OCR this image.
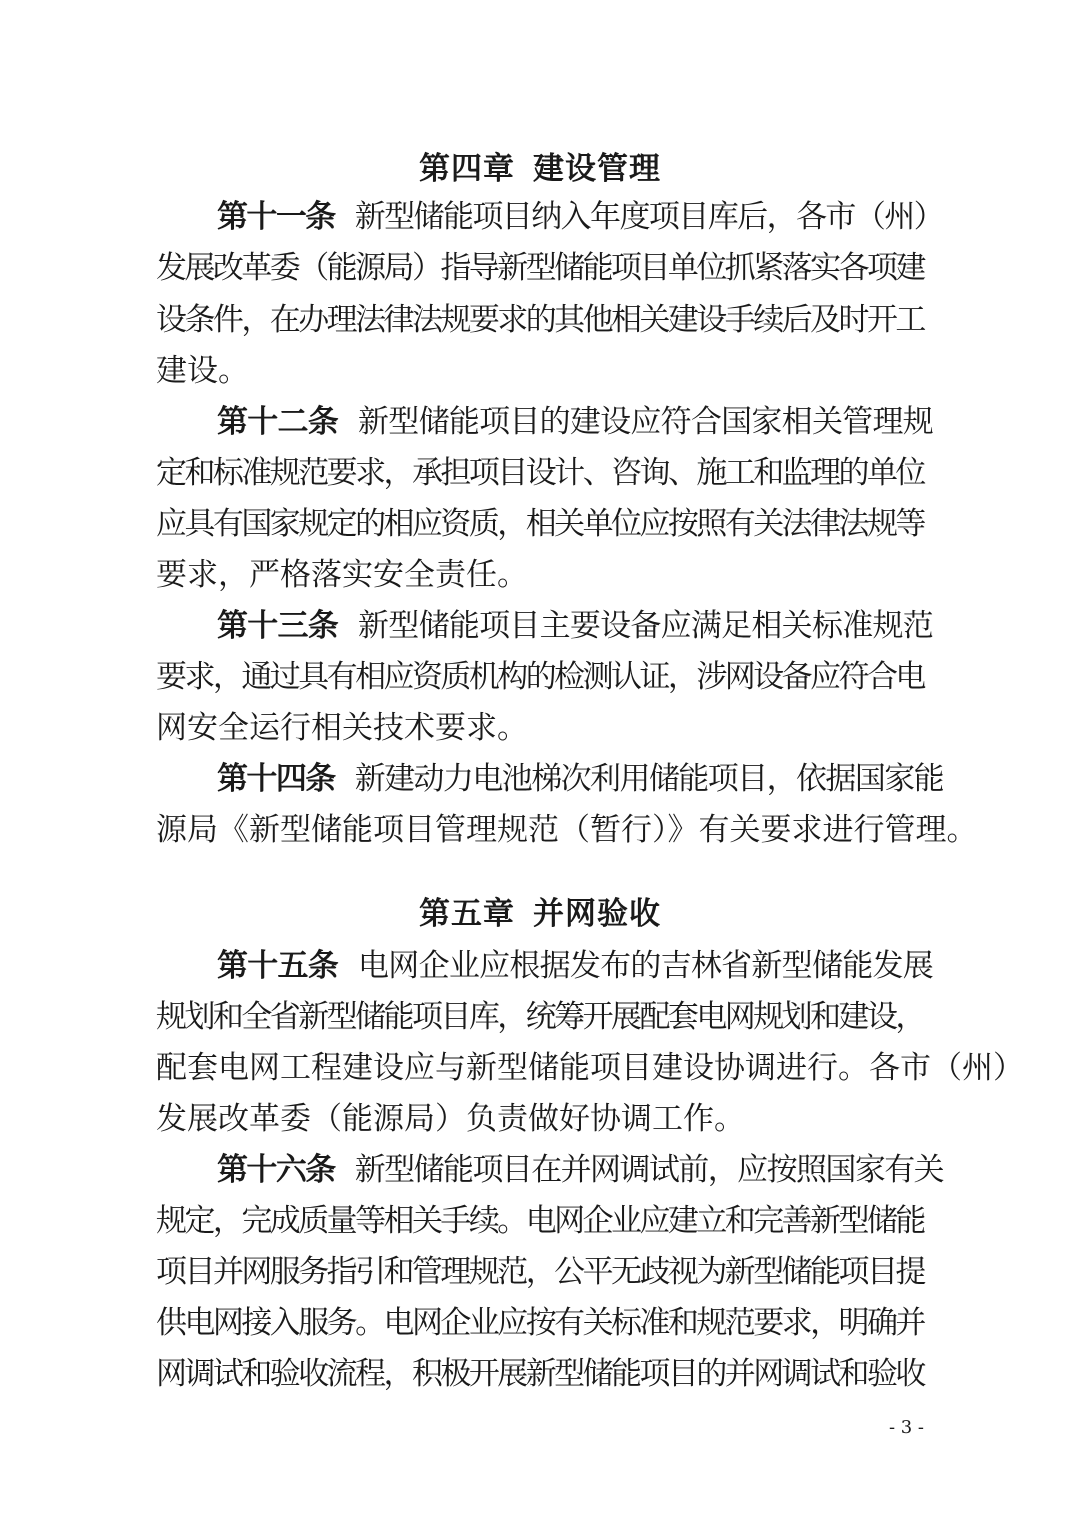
第四章 建设管理
第十一条 新型储能项目纳入年度项目库后，各市（州）
发展改革委（能源局）指导新型储能项目单位抓紧落实各项建
设条件，在办理法律法规要求的其他相关建设手续后及时开工
建设。
第十二条 新型储能项目的建设应符合国家相关管理规
定和标准规范要求，承担项目设计、咨询、施工和监理的单位
应具有国家规定的相应资质，相关单位应按照有关法律法规等
要求，严格落实安全责任。
第十三条 新型储能项目主要设备应满足相关标准规范
要求，通过具有相应资质机构的检测认证，涉网设备应符合电
网安全运行相关技术要求。
第十四条 新建动力电池梯次利用储能项目，依据国家能
源局《新型储能项目管理规范（暂行）》有关要求进行管理。
第五章 并网验收
第十五条 电网企业应根据发布的吉林省新型储能发展
规划和全省新型储能项目库，统筹开展配套电网规划和建设，
配套电网工程建设应与新型储能项目建设协调进行。各市（州）
发展改革委（能源局）负责做好协调工作。
第十六条 新型储能项目在并网调试前，应按照国家有关
规定，完成质量等相关手续。电网企业应建立和完善新型储能
项目并网服务指引和管理规范，公平无歧视为新型储能项目提
供电网接入服务。电网企业应按有关标准和规范要求，明确并
网调试和验收流程，积极开展新型储能项目的并网调试和验收
- 3 -
